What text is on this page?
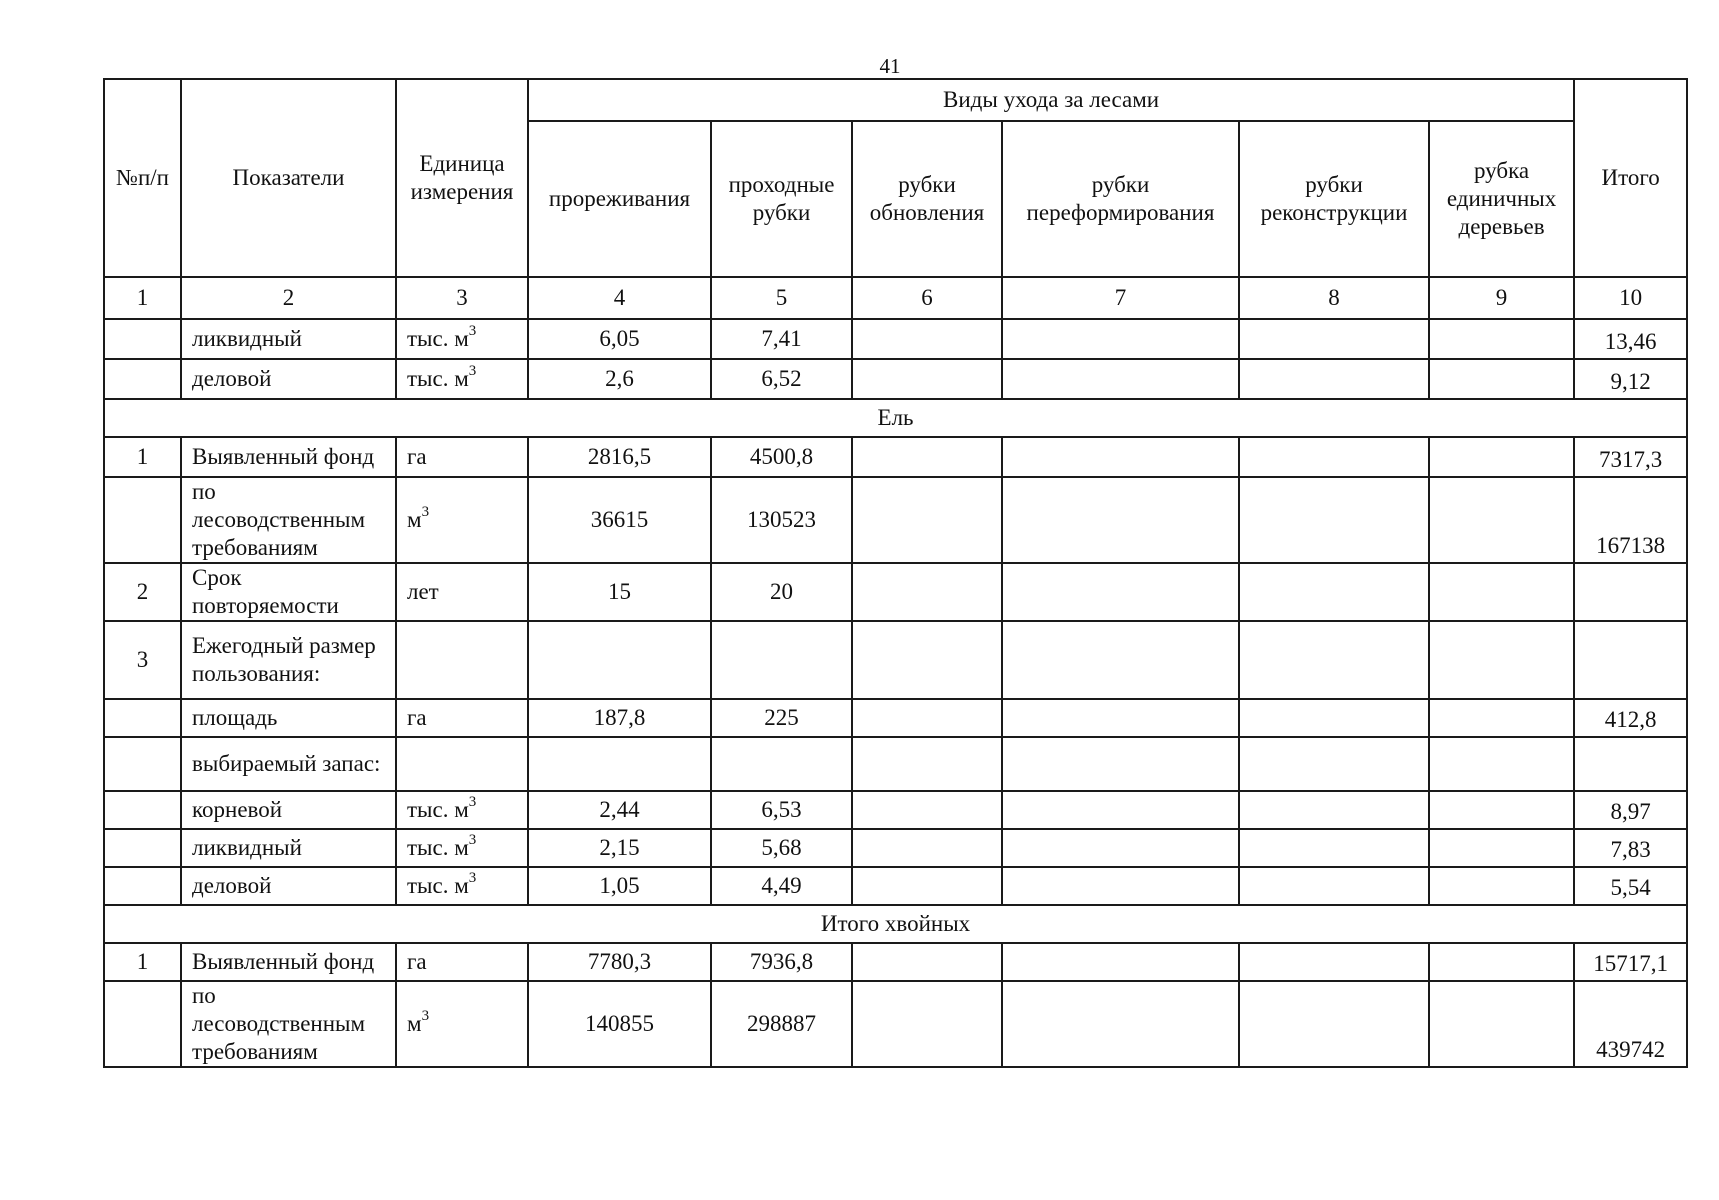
41
№п/п	Показатели	Единица измерения	Виды ухода за лесами						Итого
			прореживания	проходные рубки	рубки обновления	рубки переформирования	рубки реконструкции	рубка единичных деревьев	
1	2	3	4	5	6	7	8	9	10
	ликвидный	тыс. $м^3$	6,05	7,41					13,46
	деловой	тыс. $м^3$	2,6	6,52					9,12
Ель									
1	Выявленный фонд	га	2816,5	4500,8					7317,3
	по лесоводственным требованиям	$м^3$	36615	130523					167138
2	Срок повторяемости	лет	15	20					
3	Ежегодный размер пользования:								
	площадь	га	187,8	225					412,8
	выбираемый запас:								
	корневой	тыс. $м^3$	2,44	6,53					8,97
	ликвидный	тыс. $м^3$	2,15	5,68					7,83
	деловой	тыс. $м^3$	1,05	4,49					5,54
Итого хвойных									
1	Выявленный фонд	га	7780,3	7936,8					15717,1
	по лесоводственным требованиям	$м^3$	140855	298887					439742
